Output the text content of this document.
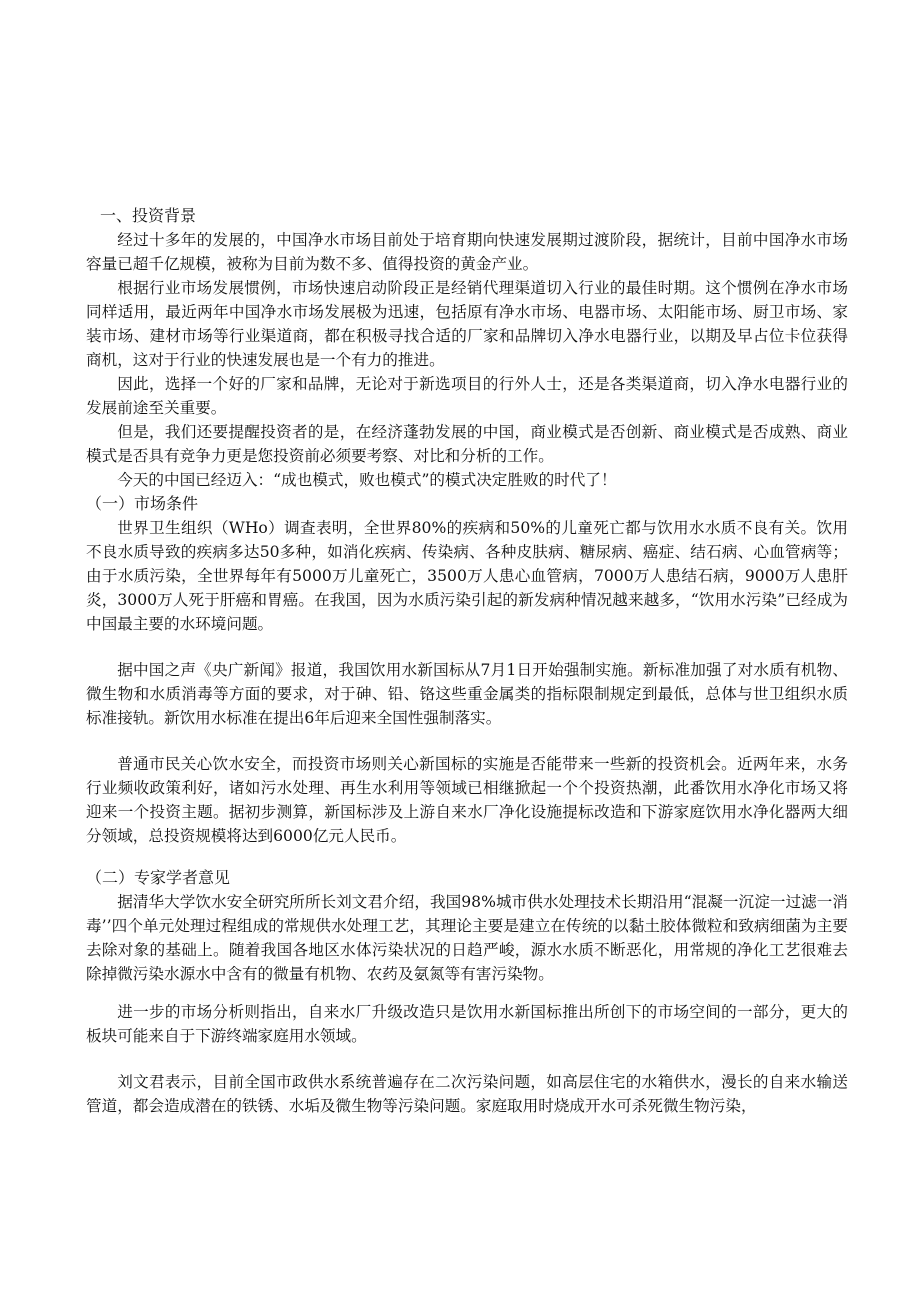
一、投资背景

经过十多年的发展的，中国净水市场目前处于培育期向快速发展期过渡阶段，据统计，目前中国净水市场容量已超千亿规模，被称为目前为数不多、值得投资的黄金产业。

根据行业市场发展惯例，市场快速启动阶段正是经销代理渠道切入行业的最佳时期。这个惯例在净水市场同样适用，最近两年中国净水市场发展极为迅速，包括原有净水市场、电器市场、太阳能市场、厨卫市场、家装市场、建材市场等行业渠道商，都在积极寻找合适的厂家和品牌切入净水电器行业，以期及早占位卡位获得商机，这对于行业的快速发展也是一个有力的推进。

因此，选择一个好的厂家和品牌，无论对于新选项目的行外人士，还是各类渠道商，切入净水电器行业的发展前途至关重要。

但是，我们还要提醒投资者的是，在经济蓬勃发展的中国，商业模式是否创新、商业模式是否成熟、商业模式是否具有竞争力更是您投资前必须要考察、对比和分析的工作。

今天的中国已经迈入：“成也模式，败也模式”的模式决定胜败的时代了！

（一）市场条件

世界卫生组织（WHo）调查表明，全世界80%的疾病和50%的儿童死亡都与饮用水水质不良有关。饮用不良水质导致的疾病多达50多种，如消化疾病、传染病、各种皮肤病、糖尿病、癌症、结石病、心血管病等；由于水质污染，全世界每年有5000万儿童死亡，3500万人患心血管病，7000万人患结石病，9000万人患肝炎，3000万人死于肝癌和胃癌。在我国，因为水质污染引起的新发病种情况越来越多，“饮用水污染”已经成为中国最主要的水环境问题。

据中国之声《央广新闻》报道，我国饮用水新国标从7月1日开始强制实施。新标准加强了对水质有机物、微生物和水质消毒等方面的要求，对于砷、铅、铬这些重金属类的指标限制规定到最低，总体与世卫组织水质标准接轨。新饮用水标准在提出6年后迎来全国性强制落实。

普通市民关心饮水安全，而投资市场则关心新国标的实施是否能带来一些新的投资机会。近两年来，水务行业频收政策利好，诸如污水处理、再生水利用等领域已相继掀起一个个投资热潮，此番饮用水净化市场又将迎来一个投资主题。据初步测算，新国标涉及上游自来水厂净化设施提标改造和下游家庭饮用水净化器两大细分领域，总投资规模将达到6000亿元人民币。

（二）专家学者意见

据清华大学饮水安全研究所所长刘文君介绍，我国98%城市供水处理技术长期沿用“混凝一沉淀一过滤一消毒’’四个单元处理过程组成的常规供水处理工艺，其理论主要是建立在传统的以黏土胶体微粒和致病细菌为主要去除对象的基础上。随着我国各地区水体污染状况的日趋严峻，源水水质不断恶化，用常规的净化工艺很难去除掉微污染水源水中含有的微量有机物、农药及氨氮等有害污染物。

进一步的市场分析则指出，自来水厂升级改造只是饮用水新国标推出所创下的市场空间的一部分，更大的板块可能来自于下游终端家庭用水领域。

刘文君表示，目前全国市政供水系统普遍存在二次污染问题，如高层住宅的水箱供水，漫长的自来水输送管道，都会造成潜在的铁锈、水垢及微生物等污染问题。家庭取用时烧成开水可杀死微生物污染，
